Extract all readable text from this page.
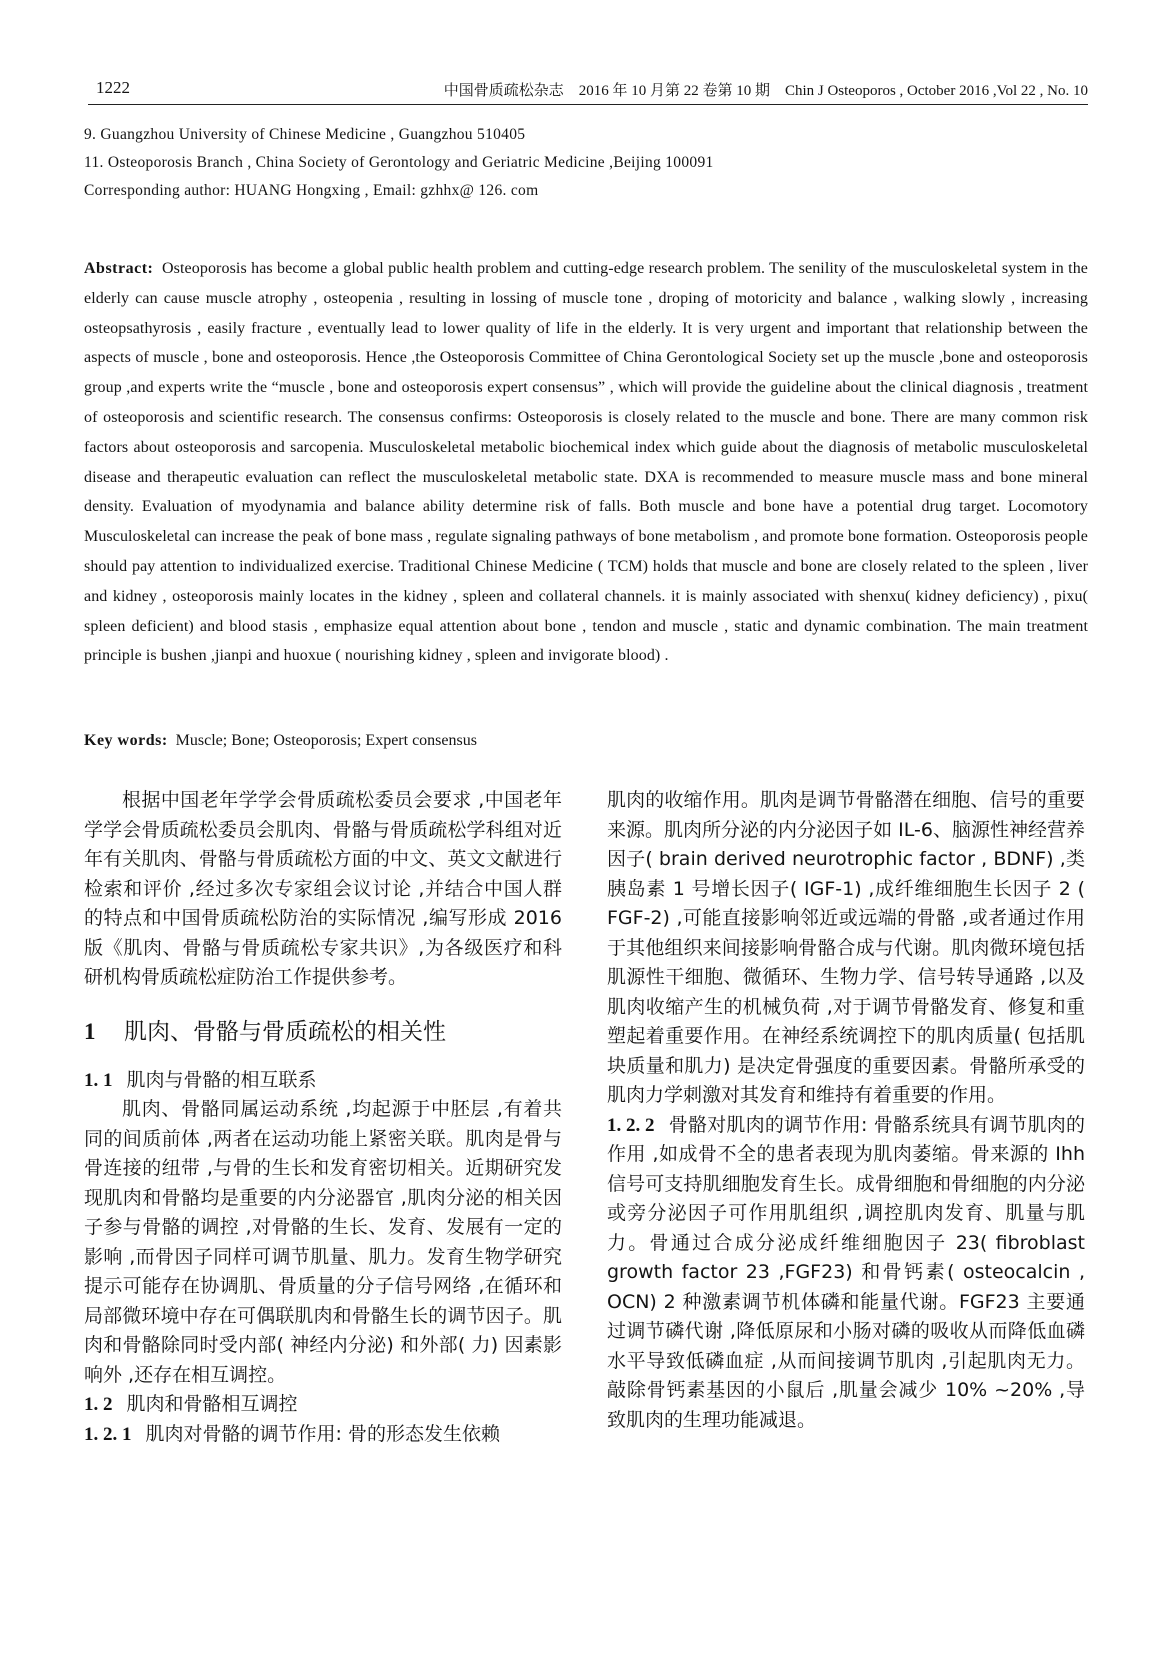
1222	中国骨质疏松杂志　2016 年 10 月第 22 卷第 10 期　Chin J Osteoporos , October 2016 ,Vol 22 , No. 10
9. Guangzhou University of Chinese Medicine , Guangzhou 510405
11. Osteoporosis Branch , China Society of Gerontology and Geriatric Medicine ,Beijing 100091
Corresponding author: HUANG Hongxing , Email: gzhhx@ 126. com
Abstract: Osteoporosis has become a global public health problem and cutting-edge research problem. The senility of the musculoskeletal system in the elderly can cause muscle atrophy , osteopenia , resulting in lossing of muscle tone , droping of motoricity and balance , walking slowly , increasing osteopsathyrosis , easily fracture , eventually lead to lower quality of life in the elderly. It is very urgent and important that relationship between the aspects of muscle , bone and osteoporosis. Hence ,the Osteoporosis Committee of China Gerontological Society set up the muscle ,bone and osteoporosis group ,and experts write the “muscle , bone and osteoporosis expert consensus” , which will provide the guideline about the clinical diagnosis , treatment of osteoporosis and scientific research. The consensus confirms: Osteoporosis is closely related to the muscle and bone. There are many common risk factors about osteoporosis and sarcopenia. Musculoskeletal metabolic biochemical index which guide about the diagnosis of metabolic musculoskeletal disease and therapeutic evaluation can reflect the musculoskeletal metabolic state. DXA is recommended to measure muscle mass and bone mineral density. Evaluation of myodynamia and balance ability determine risk of falls. Both muscle and bone have a potential drug target. Locomotory Musculoskeletal can increase the peak of bone mass , regulate signaling pathways of bone metabolism , and promote bone formation. Osteoporosis people should pay attention to individualized exercise. Traditional Chinese Medicine ( TCM) holds that muscle and bone are closely related to the spleen , liver and kidney , osteoporosis mainly locates in the kidney , spleen and collateral channels. it is mainly associated with shenxu( kidney deficiency) , pixu( spleen deficient) and blood stasis , emphasize equal attention about bone , tendon and muscle , static and dynamic combination. The main treatment principle is bushen ,jianpi and huoxue ( nourishing kidney , spleen and invigorate blood) .
Key words: Muscle; Bone; Osteoporosis; Expert consensus

根据中国老年学学会骨质疏松委员会要求 ,中国老年学学会骨质疏松委员会肌肉、骨骼与骨质疏松学科组对近年有关肌肉、骨骼与骨质疏松方面的中文、英文文献进行检索和评价 ,经过多次专家组会议讨论 ,并结合中国人群的特点和中国骨质疏松防治的实际情况 ,编写形成 2016 版《肌肉、骨骼与骨质疏松专家共识》,为各级医疗和科研机构骨质疏松症防治工作提供参考。

1 肌肉、骨骼与骨质疏松的相关性

1. 1 肌肉与骨骼的相互联系

肌肉、骨骼同属运动系统 ,均起源于中胚层 ,有着共同的间质前体 ,两者在运动功能上紧密关联。肌肉是骨与骨连接的纽带 ,与骨的生长和发育密切相关。近期研究发现肌肉和骨骼均是重要的内分泌器官 ,肌肉分泌的相关因子参与骨骼的调控 ,对骨骼的生长、发育、发展有一定的影响 ,而骨因子同样可调节肌量、肌力。发育生物学研究提示可能存在协调肌、骨质量的分子信号网络 ,在循环和局部微环境中存在可偶联肌肉和骨骼生长的调节因子。肌肉和骨骼除同时受内部( 神经内分泌) 和外部( 力) 因素影响外 ,还存在相互调控。

1. 2 肌肉和骨骼相互调控

1. 2. 1 肌肉对骨骼的调节作用: 骨的形态发生依赖

肌肉的收缩作用。肌肉是调节骨骼潜在细胞、信号的重要来源。肌肉所分泌的内分泌因子如 IL-6、脑源性神经营养因子( brain derived neurotrophic factor , BDNF) ,类胰岛素 1 号增长因子( IGF-1) ,成纤维细胞生长因子 2 ( FGF-2) ,可能直接影响邻近或远端的骨骼 ,或者通过作用于其他组织来间接影响骨骼合成与代谢。肌肉微环境包括肌源性干细胞、微循环、生物力学、信号转导通路 ,以及肌肉收缩产生的机械负荷 ,对于调节骨骼发育、修复和重塑起着重要作用。在神经系统调控下的肌肉质量( 包括肌块质量和肌力) 是决定骨强度的重要因素。骨骼所承受的肌肉力学刺激对其发育和维持有着重要的作用。

1. 2. 2 骨骼对肌肉的调节作用: 骨骼系统具有调节肌肉的作用 ,如成骨不全的患者表现为肌肉萎缩。骨来源的 Ihh 信号可支持肌细胞发育生长。成骨细胞和骨细胞的内分泌或旁分泌因子可作用肌组织 ,调控肌肉发育、肌量与肌力。骨通过合成分泌成纤维细胞因子 23( fibroblast growth factor 23 ,FGF23) 和骨钙素( osteocalcin , OCN) 2 种激素调节机体磷和能量代谢。FGF23 主要通过调节磷代谢 ,降低原尿和小肠对磷的吸收从而降低血磷水平导致低磷血症 ,从而间接调节肌肉 ,引起肌肉无力。敲除骨钙素基因的小鼠后 ,肌量会减少 10% ~20% ,导致肌肉的生理功能减退。
